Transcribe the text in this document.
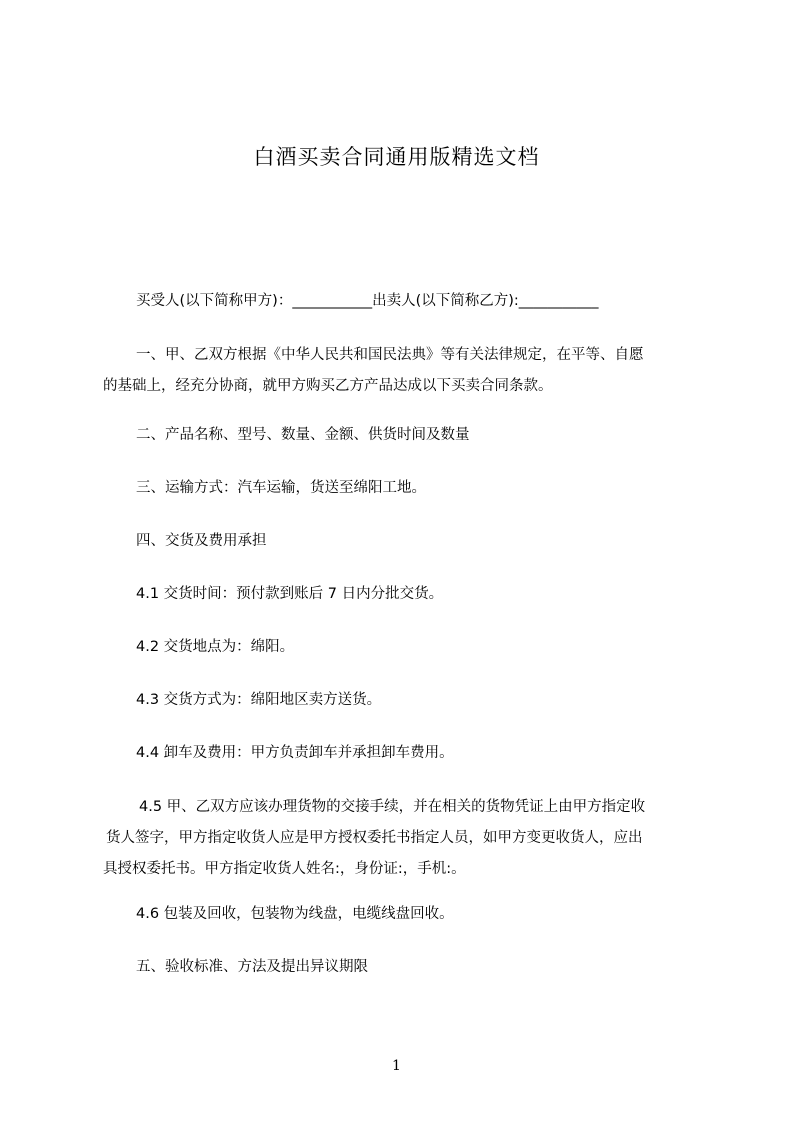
白酒买卖合同通用版精选文档
买受人(以下简称甲方)：___________出卖人(以下简称乙方):___________
一、甲、乙双方根据《中华人民共和国民法典》等有关法律规定，在平等、自愿
的基础上，经充分协商，就甲方购买乙方产品达成以下买卖合同条款。
二、产品名称、型号、数量、金额、供货时间及数量
三、运输方式：汽车运输，货送至绵阳工地。
四、交货及费用承担
4.1 交货时间：预付款到账后 7 日内分批交货。
4.2 交货地点为：绵阳。
4.3 交货方式为：绵阳地区卖方送货。
4.4 卸车及费用：甲方负责卸车并承担卸车费用。
4.5 甲、乙双方应该办理货物的交接手续，并在相关的货物凭证上由甲方指定收
货人签字，甲方指定收货人应是甲方授权委托书指定人员，如甲方变更收货人，应出
具授权委托书。甲方指定收货人姓名:，身份证:，手机:。
4.6 包装及回收，包装物为线盘，电缆线盘回收。
五、验收标准、方法及提出异议期限
1
